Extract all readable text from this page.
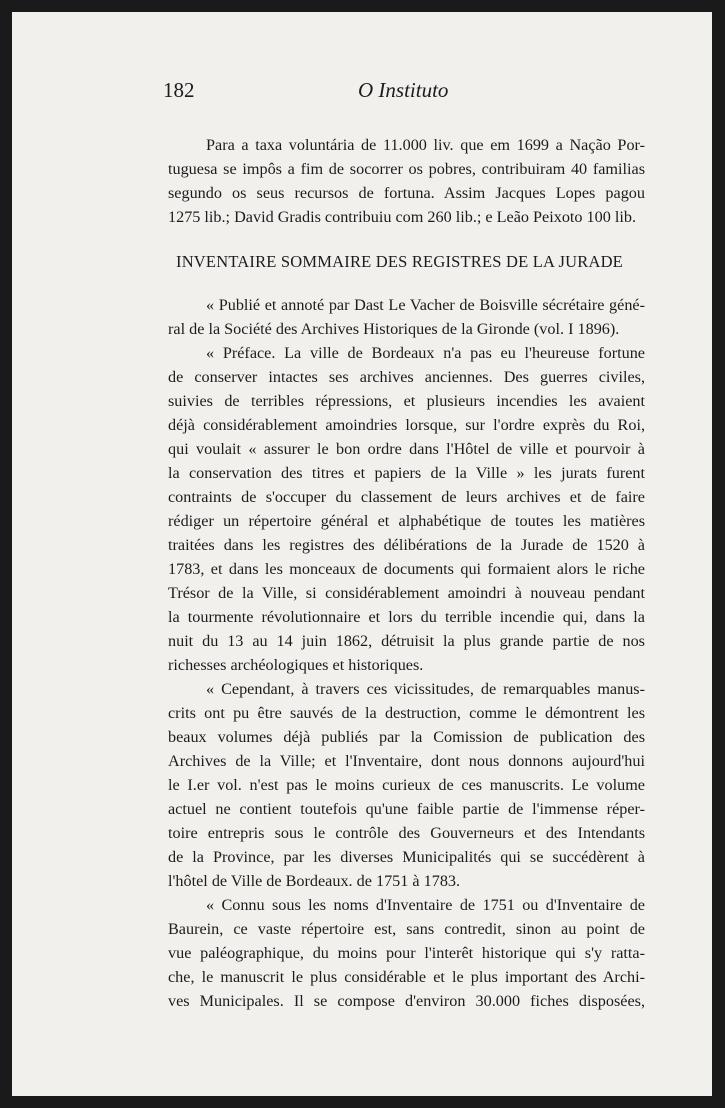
182	O Instituto
Para a taxa voluntária de 11.000 liv. que em 1699 a Nação Por-
tuguesa se impôs a fim de socorrer os pobres, contribuiram 40 familias
segundo os seus recursos de fortuna. Assim Jacques Lopes pagou
1275 lib.; David Gradis contribuiu com 260 lib.; e Leão Peixoto 100 lib.
INVENTAIRE SOMMAIRE DES REGISTRES DE LA JURADE
« Publié et annoté par Dast Le Vacher de Boisville sécrétaire géné-
ral de la Société des Archives Historiques de la Gironde (vol. I 1896).
« Préface. La ville de Bordeaux n'a pas eu l'heureuse fortune
de conserver intactes ses archives anciennes. Des guerres civiles,
suivies de terribles répressions, et plusieurs incendies les avaient
déjà considérablement amoindries lorsque, sur l'ordre exprès du Roi,
qui voulait « assurer le bon ordre dans l'Hôtel de ville et pourvoir à
la conservation des titres et papiers de la Ville » les jurats furent
contraints de s'occuper du classement de leurs archives et de faire
rédiger un répertoire général et alphabétique de toutes les matières
traitées dans les registres des délibérations de la Jurade de 1520 à
1783, et dans les monceaux de documents qui formaient alors le riche
Trésor de la Ville, si considérablement amoindri à nouveau pendant
la tourmente révolutionnaire et lors du terrible incendie qui, dans la
nuit du 13 au 14 juin 1862, détruisit la plus grande partie de nos
richesses archéologiques et historiques.
« Cependant, à travers ces vicissitudes, de remarquables manus-
crits ont pu être sauvés de la destruction, comme le démontrent les
beaux volumes déjà publiés par la Comission de publication des
Archives de la Ville; et l'Inventaire, dont nous donnons aujourd'hui
le I.er vol. n'est pas le moins curieux de ces manuscrits. Le volume
actuel ne contient toutefois qu'une faible partie de l'immense réper-
toire entrepris sous le contrôle des Gouverneurs et des Intendants
de la Province, par les diverses Municipalités qui se succédèrent à
l'hôtel de Ville de Bordeaux. de 1751 à 1783.
« Connu sous les noms d'Inventaire de 1751 ou d'Inventaire de
Baurein, ce vaste répertoire est, sans contredit, sinon au point de
vue paléographique, du moins pour l'interêt historique qui s'y ratta-
che, le manuscrit le plus considérable et le plus important des Archi-
ves Municipales. Il se compose d'environ 30.000 fiches disposées,
